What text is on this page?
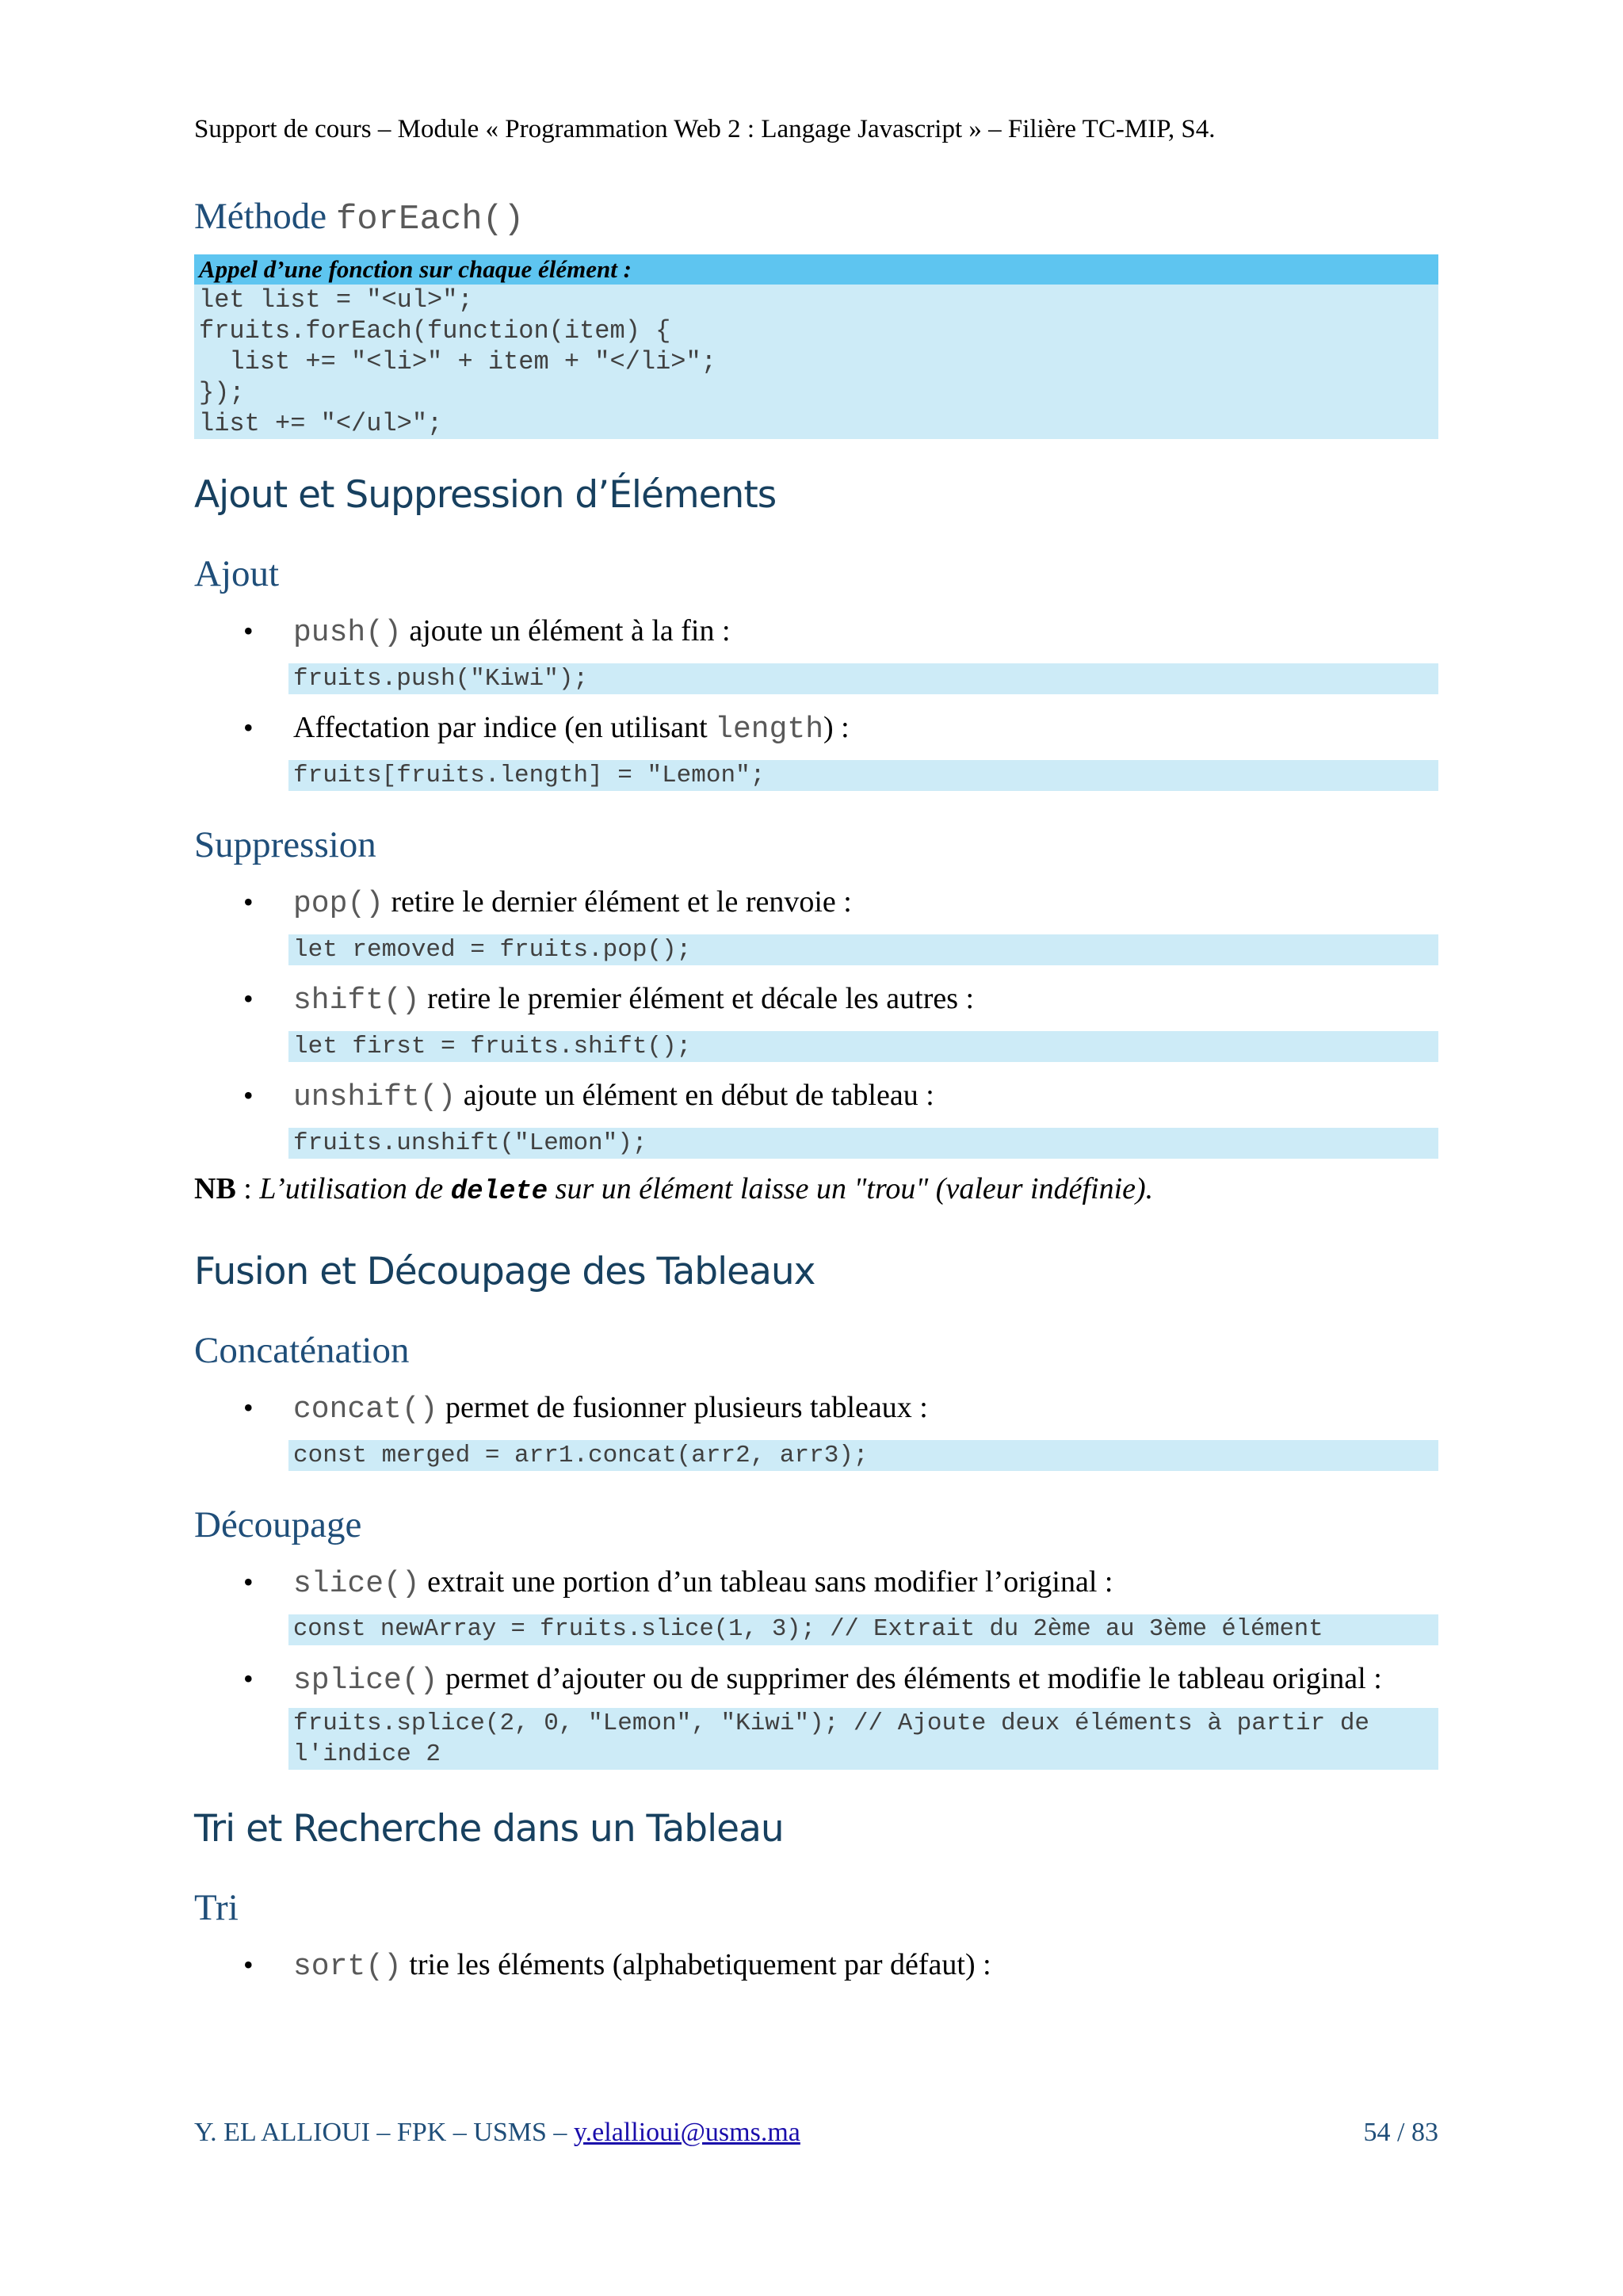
Support de cours – Module « Programmation Web 2 : Langage Javascript » – Filière TC-MIP, S4.
Méthode forEach()
Appel d’une fonction sur chaque élément :
let list = "<ul>";
fruits.forEach(function(item) {
list += "<li>" + item + "</li>";
});
list += "</ul>";
Ajout et Suppression d’Éléments
Ajout
• push() ajoute un élément à la fin :
fruits.push("Kiwi");
• Affectation par indice (en utilisant length) :
fruits[fruits.length] = "Lemon";
Suppression
• pop() retire le dernier élément et le renvoie :
let removed = fruits.pop();
• shift() retire le premier élément et décale les autres :
let first = fruits.shift();
• unshift() ajoute un élément en début de tableau :
fruits.unshift("Lemon");
NB : L’utilisation de delete sur un élément laisse un "trou" (valeur indéfinie).
Fusion et Découpage des Tableaux
Concaténation
• concat() permet de fusionner plusieurs tableaux :
const merged = arr1.concat(arr2, arr3);
Découpage
• slice() extrait une portion d’un tableau sans modifier l’original :
const newArray = fruits.slice(1, 3); // Extrait du 2ème au 3ème élément
• splice() permet d’ajouter ou de supprimer des éléments et modifie le tableau original :
fruits.splice(2, 0, "Lemon", "Kiwi"); // Ajoute deux éléments à partir de l'indice 2
Tri et Recherche dans un Tableau
Tri
• sort() trie les éléments (alphabetiquement par défaut) :
Y. EL ALLIOUI – FPK – USMS – y.elallioui@usms.ma	54 / 83
